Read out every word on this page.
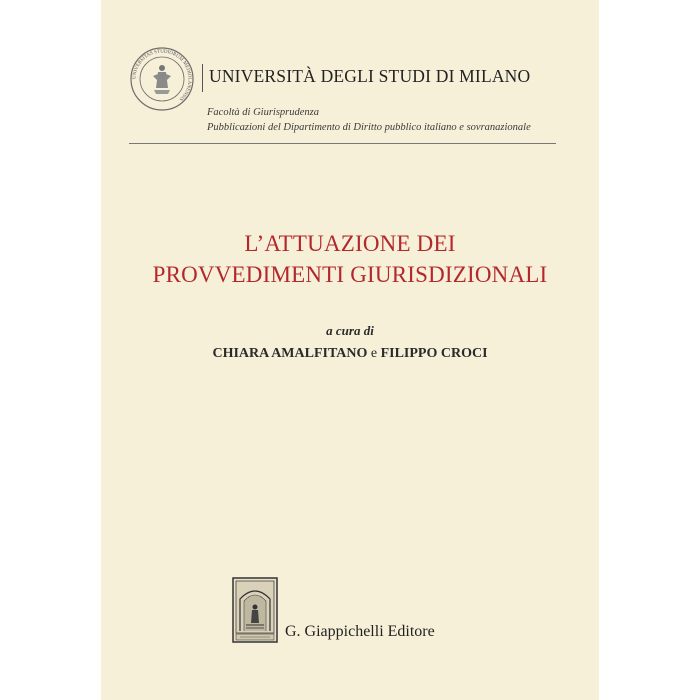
UNIVERSITAS STUDIORUM MEDIOLANENSIS
UNIVERSITÀ DEGLI STUDI DI MILANO
Facoltà di Giurisprudenza
Pubblicazioni del Dipartimento di Diritto pubblico italiano e sovranazionale
L’ATTUAZIONE DEI
PROVVEDIMENTI GIURISDIZIONALI
a cura di
CHIARA AMALFITANO e FILIPPO CROCI
G. Giappichelli Editore
